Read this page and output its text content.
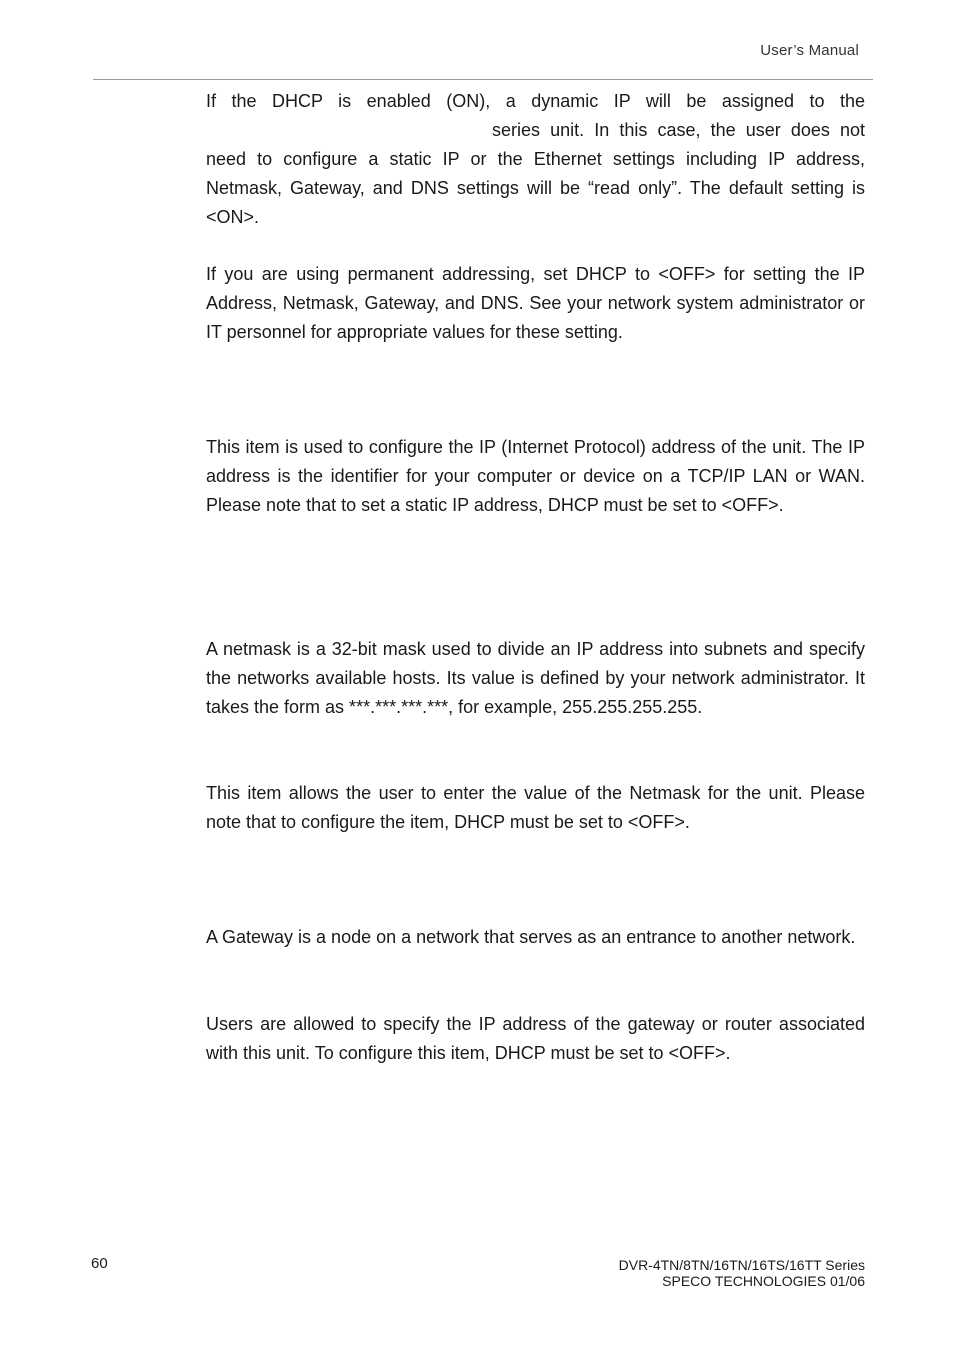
User’s Manual

If the DHCP is enabled (ON), a dynamic IP will be assigned to the
series unit. In this case, the user does not
need to configure a static IP or the Ethernet settings including IP address, Netmask, Gateway, and DNS settings will be “read only”. The default setting is <ON>.

If you are using permanent addressing, set DHCP to <OFF> for setting the IP Address, Netmask, Gateway, and DNS. See your network system administrator or IT personnel for appropriate values for these setting.

This item is used to configure the IP (Internet Protocol) address of the unit. The IP address is the identifier for your computer or device on a TCP/IP LAN or WAN. Please note that to set a static IP address, DHCP must be set to <OFF>.

A netmask is a 32-bit mask used to divide an IP address into subnets and specify the networks available hosts. Its value is defined by your network administrator. It takes the form as ***.***.***.***, for example, 255.255.255.255.

This item allows the user to enter the value of the Netmask for the unit. Please note that to configure the item, DHCP must be set to <OFF>.

A Gateway is a node on a network that serves as an entrance to another network.

Users are allowed to specify the IP address of the gateway or router associated with this unit. To configure this item, DHCP must be set to <OFF>.

60	DVR-4TN/8TN/16TN/16TS/16TT Series
SPECO TECHNOLOGIES 01/06
